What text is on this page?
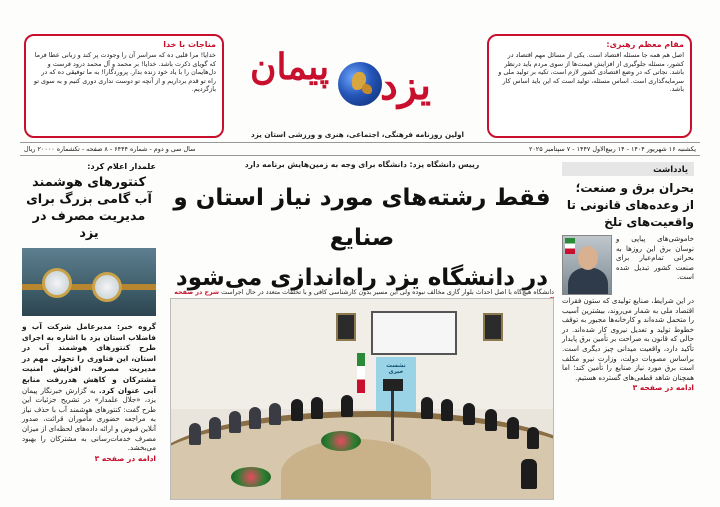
مقام معظم رهبری:
اصل هم همه جا مسئله اقتصاد است. یکی از مسائل مهم اقتصاد در کشور، مسئله جلوگیری از افزایش قیمت‌ها از سوی مردم باید درنظر باشد. نجاتی که در وضع اقتصادی کشور لازم است، تکیه بر تولید ملی و سرمایه‌گذاری است. اساس مسئله، تولید است که این باید اساس کار باشد.
پیمان یزد
اولین روزنامه فرهنگی، اجتماعی، هنری و ورزشی استان یزد
مناجات با خدا
خدایا! مرا قلبی ده که سراسر آن را وجودت پر کند و زبانی عطا فرما که گویای ذکرت باشد. خدایا! بر محمد و آل محمد درود فرست و دل‌هایمان را با یاد خود زنده بدار. پروردگارا! به ما توفیقی ده که در راه تو قدم برداریم و از آنچه تو دوست نداری دوری کنیم و به سوی تو بازگردیم.
یکشنبه ۱۶ شهریور ۱۴۰۴ - ۱۴ ربیع‌الاول ۱۴۴۷ - ۷ سپتامبر ۲۰۲۵
سال سی و دوم - شماره ۶۴۴۴ - ۸ صفحه - تکشماره ۲۰۰۰۰ ریال
یادداشت
بحران برق و صنعت؛ از وعده‌های قانونی تا واقعیت‌های تلخ
خاموشی‌های پیاپی و نوسان برق این روزها به بحرانی تمام‌عیار برای صنعت کشور تبدیل شده است.
در این شرایط، صنایع تولیدی که ستون فقرات اقتصاد ملی به شمار می‌روند، بیشترین آسیب را متحمل شده‌اند و کارخانه‌ها مجبور به توقف خطوط تولید و تعدیل نیروی کار شده‌اند. در حالی که قانون به صراحت بر تأمین برق پایدار تأکید دارد، واقعیت میدانی چیز دیگری است. براساس مصوبات دولت، وزارت نیرو مکلف است برق مورد نیاز صنایع را تأمین کند؛ اما همچنان شاهد قطعی‌های گسترده هستیم.
ادامه در صفحه ۳
رییس دانشگاه یزد: دانشگاه برای وجه به زمین‌هایش برنامه دارد
فقط رشته‌های مورد نیاز استان و صنایع
در دانشگاه یزد راه‌اندازی می‌شود
دانشگاه هیچ‌گاه با اصل احداث بلوار گازی مخالف نبوده ولی این مسیر بدون کارشناسی کافی و با تخلفات متعدد در حال اجراست شرح در صفحه
نشست خبری
علمدار اعلام کرد:
کنتورهای هوشمند آب گامی بزرگ برای مدیریت مصرف در یزد
گروه خبر: مدیرعامل شرکت آب و فاضلاب استان یزد با اشاره به اجرای طرح کنتورهای هوشمند آب در استان، این فناوری را تحولی مهم در مدیریت مصرف، افزایش امنیت مشترکان و کاهش هدررفت منابع آبی عنوان کرد. به گزارش خبرنگار پیمان یزد، «جلال علمدار» در تشریح جزئیات این طرح گفت: کنتورهای هوشمند آب با حذف نیاز به مراجعه حضوری مأموران قرائت، صدور آنلاین قبوض و ارائه داده‌های لحظه‌ای از میزان مصرف خدمات‌رسانی به مشترکان را بهبود می‌بخشد.
ادامه در صفحه ۳
